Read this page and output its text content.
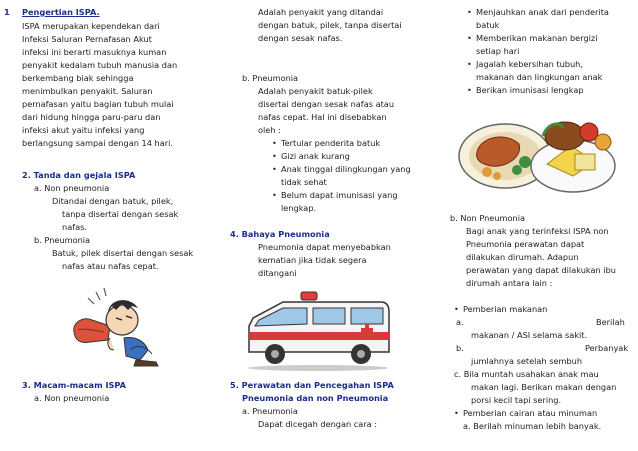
1 Pengertian ISPA.
ISPA merupakan kependekan dari
Infeksi Saluran Pernafasan Akut
infeksi ini berarti masuknya kuman
penyakit kedalam tubuh manusia dan
berkembang biak sehingga
menimbulkan penyakit. Saluran
pernafasan yaitu bagian tubuh mulai
dari hidung hingga paru-paru dan
infeksi akut yaitu infeksi yang
berlangsung sampai dengan 14 hari.
2. Tanda dan gejala ISPA
a. Non pneumonia
Ditandai dengan batuk, pilek,
tanpa disertai dengan sesak
nafas.
b. Pneumonia
Batuk, pilek disertai dengan sesak
nafas atau nafas cepat.
3. Macam-macam ISPA
a. Non pneumonia
Adalah penyakit yang ditandai
dengan batuk, pilek, tanpa disertai
dengan sesak nafas.
b. Pneumonia
Adalah penyakit batuk-pilek
disertai dengan sesak nafas atau
nafas cepat. Hal ini disebabkan
oleh :
• Tertular penderita batuk
• Gizi anak kurang
• Anak tinggal dilingkungan yang
tidak sehat
• Belum dapat imunisasi yang
lengkap.
4. Bahaya Pneumonia
Pneumonia dapat menyebabkan
kematian jika tidak segera
ditangani
5. Perawatan dan Pencegahan ISPA
Pneumonia dan non Pneumonia
a. Pneumonia
Dapat dicegah dengan cara :
• Menjauhkan anak dari penderita
batuk
• Memberikan makanan bergizi
setiap hari
• Jagalah kebersihan tubuh,
makanan dan lingkungan anak
• Berikan imunisasi lengkap
b. Non Pneumonia
Bagi anak yang terinfeksi ISPA non
Pneumonia perawatan dapat
dilakukan dirumah. Adapun
perawatan yang dapat dilakukan ibu
dirumah antara lain :
• Pemberian makanan
a.	Berilah
makanan / ASI selama sakit.
b.	Perbanyak
jumlahnya setelah sembuh
c. Bila muntah usahakan anak mau
makan lagi. Berikan makan dengan
porsi kecil tapi sering.
• Pemberian cairan atau minuman
a. Berilah minuman lebih banyak.
